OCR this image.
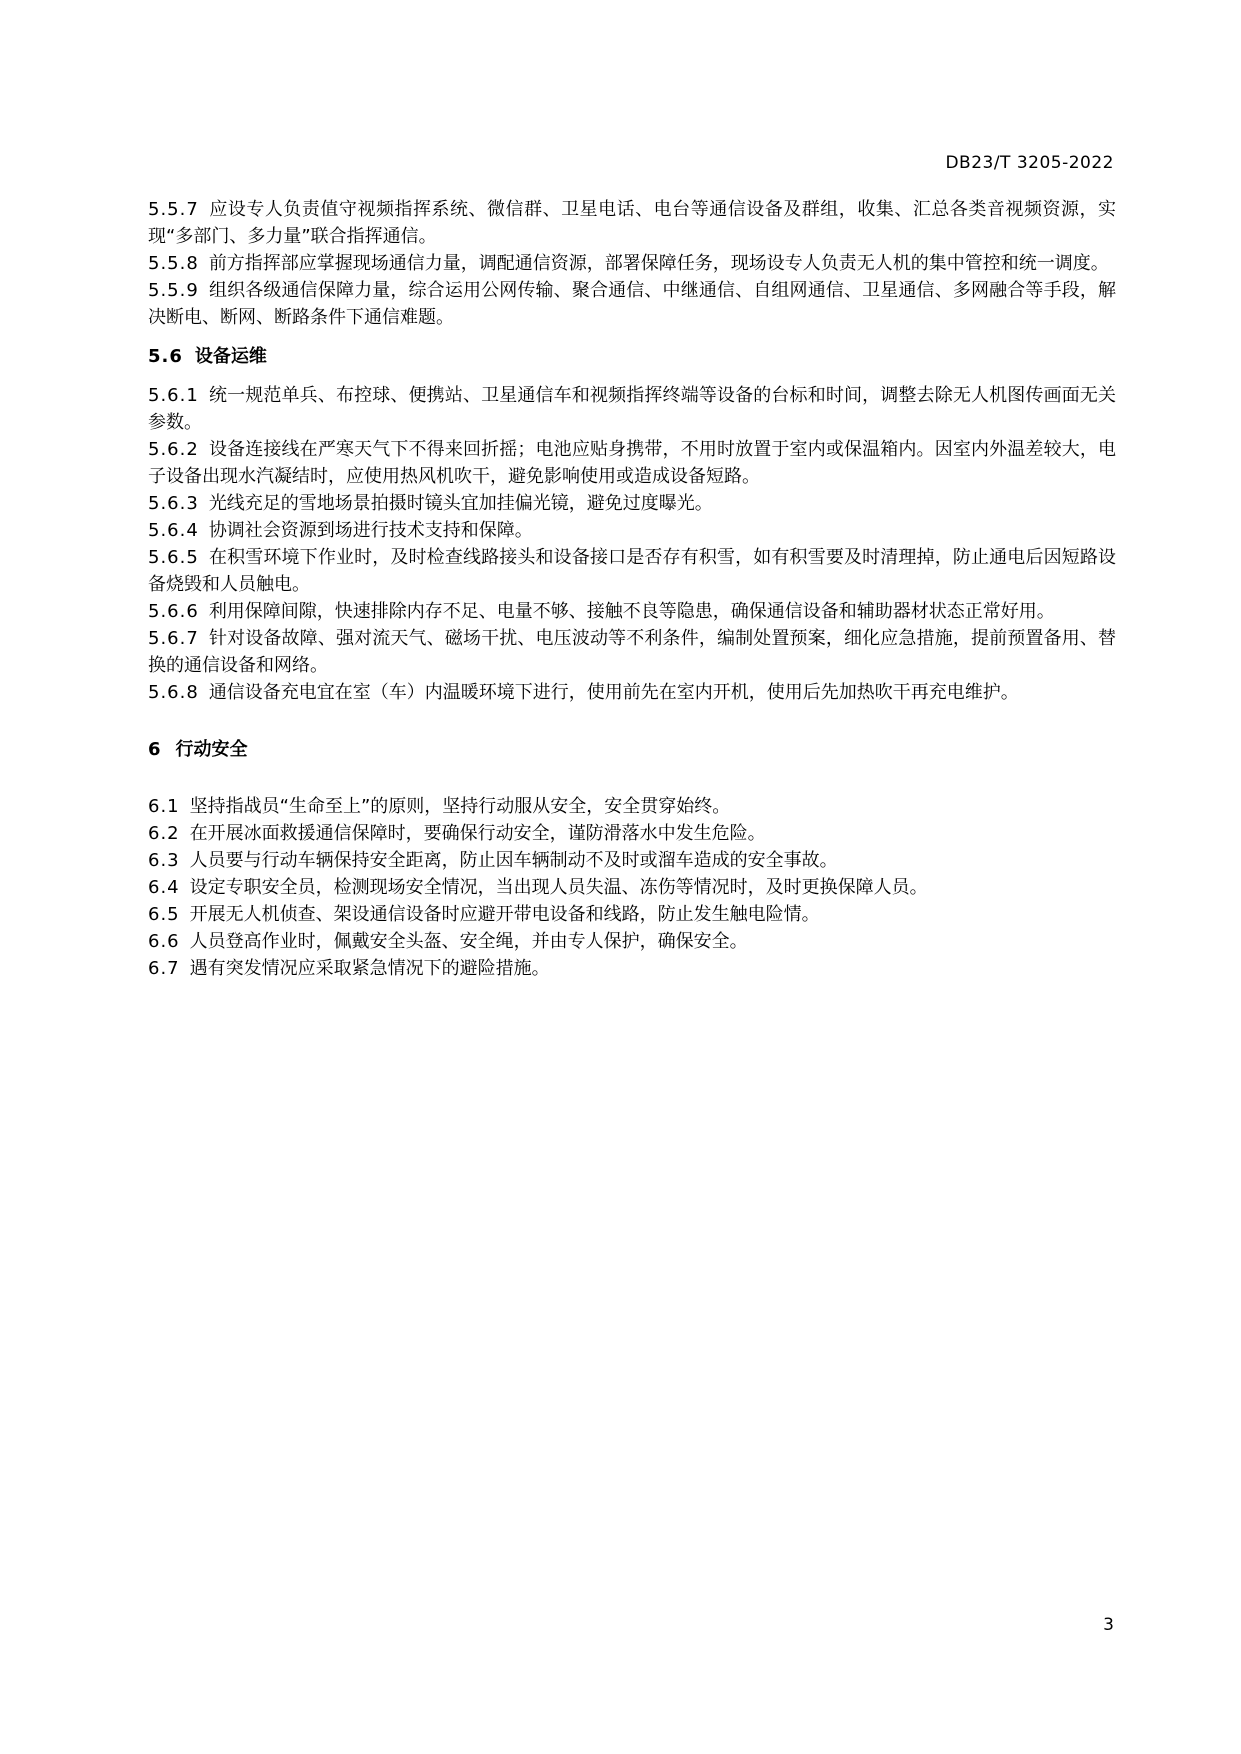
DB23/T 3205-2022

5.5.7 应设专人负责值守视频指挥系统、微信群、卫星电话、电台等通信设备及群组，收集、汇总各类音视频资源，实现“多部门、多力量”联合指挥通信。

5.5.8 前方指挥部应掌握现场通信力量，调配通信资源，部署保障任务，现场设专人负责无人机的集中管控和统一调度。

5.5.9 组织各级通信保障力量，综合运用公网传输、聚合通信、中继通信、自组网通信、卫星通信、多网融合等手段，解决断电、断网、断路条件下通信难题。

5.6 设备运维

5.6.1 统一规范单兵、布控球、便携站、卫星通信车和视频指挥终端等设备的台标和时间，调整去除无人机图传画面无关参数。

5.6.2 设备连接线在严寒天气下不得来回折摇；电池应贴身携带，不用时放置于室内或保温箱内。因室内外温差较大，电子设备出现水汽凝结时，应使用热风机吹干，避免影响使用或造成设备短路。

5.6.3 光线充足的雪地场景拍摄时镜头宜加挂偏光镜，避免过度曝光。

5.6.4 协调社会资源到场进行技术支持和保障。

5.6.5 在积雪环境下作业时，及时检查线路接头和设备接口是否存有积雪，如有积雪要及时清理掉，防止通电后因短路设备烧毁和人员触电。

5.6.6 利用保障间隙，快速排除内存不足、电量不够、接触不良等隐患，确保通信设备和辅助器材状态正常好用。

5.6.7 针对设备故障、强对流天气、磁场干扰、电压波动等不利条件，编制处置预案，细化应急措施，提前预置备用、替换的通信设备和网络。

5.6.8 通信设备充电宜在室（车）内温暖环境下进行，使用前先在室内开机，使用后先加热吹干再充电维护。

6 行动安全

6.1 坚持指战员“生命至上”的原则，坚持行动服从安全，安全贯穿始终。

6.2 在开展冰面救援通信保障时，要确保行动安全，谨防滑落水中发生危险。

6.3 人员要与行动车辆保持安全距离，防止因车辆制动不及时或溜车造成的安全事故。

6.4 设定专职安全员，检测现场安全情况，当出现人员失温、冻伤等情况时，及时更换保障人员。

6.5 开展无人机侦查、架设通信设备时应避开带电设备和线路，防止发生触电险情。

6.6 人员登高作业时，佩戴安全头盔、安全绳，并由专人保护，确保安全。

6.7 遇有突发情况应采取紧急情况下的避险措施。

3
